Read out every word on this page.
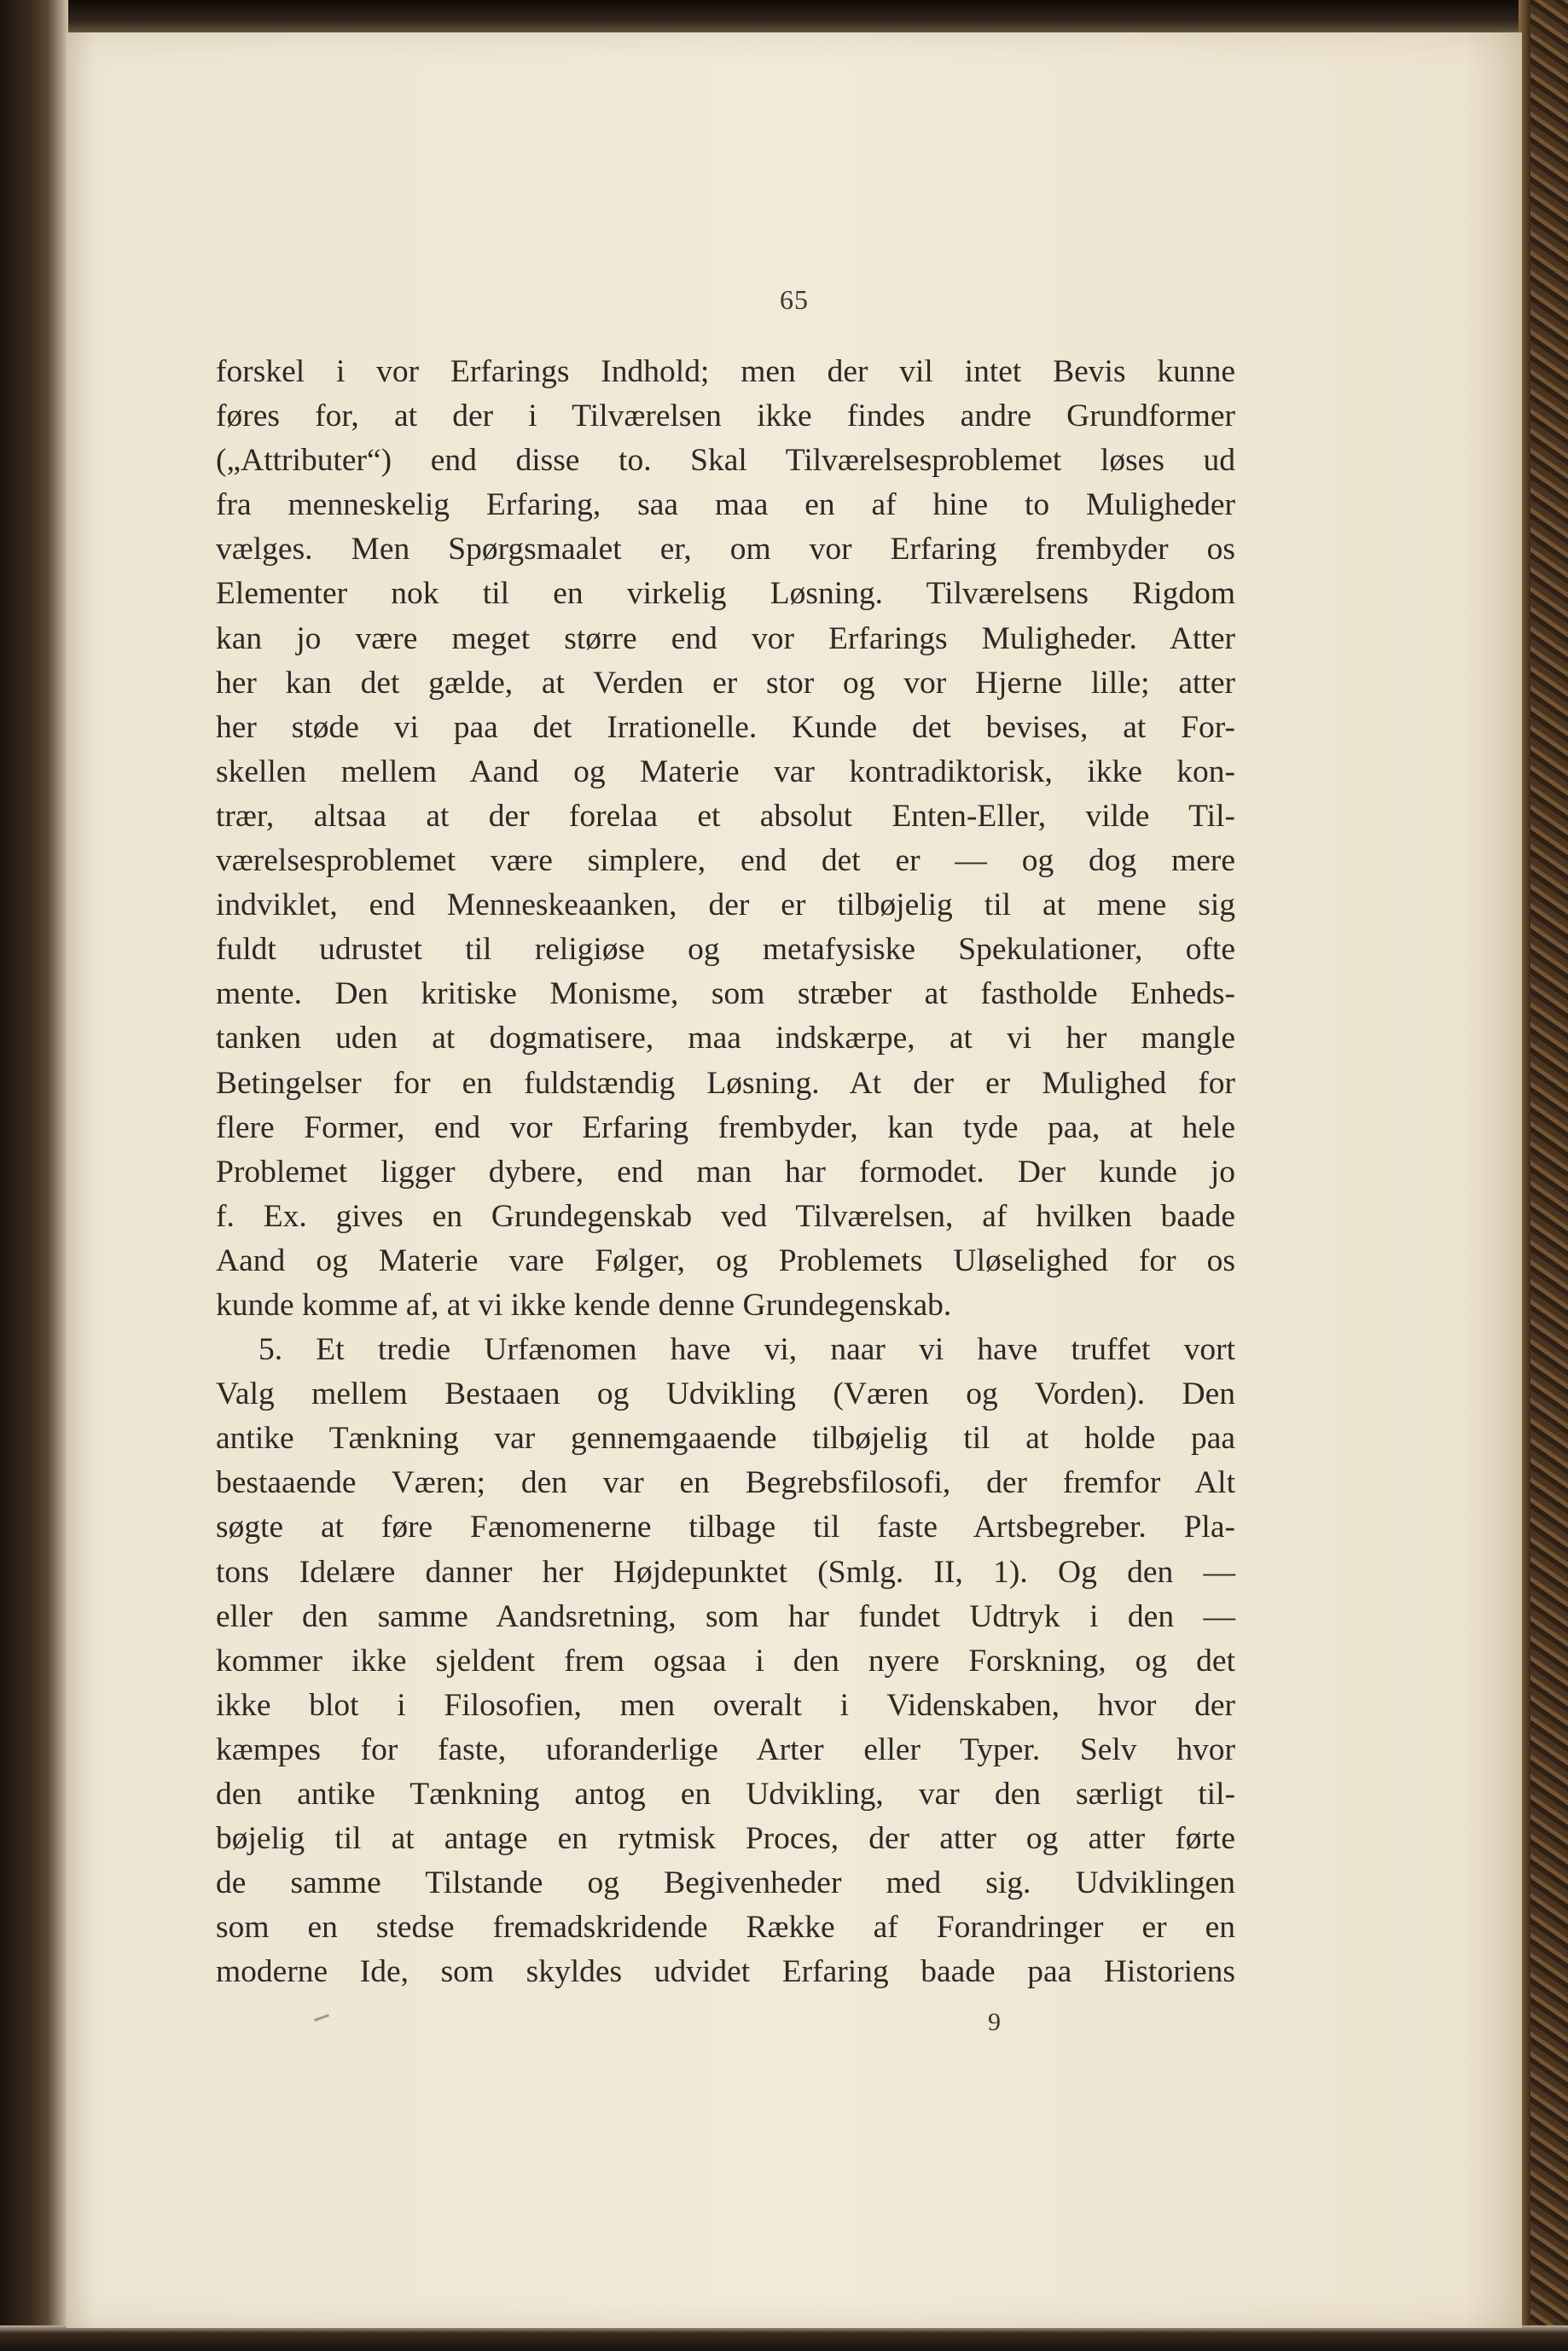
65
forskel i vor Erfarings Indhold; men der vil intet Bevis kunne
føres for, at der i Tilværelsen ikke findes andre Grundformer
(„Attributer“) end disse to. Skal Tilværelsesproblemet løses ud
fra menneskelig Erfaring, saa maa en af hine to Muligheder
vælges. Men Spørgsmaalet er, om vor Erfaring frembyder os
Elementer nok til en virkelig Løsning. Tilværelsens Rigdom
kan jo være meget større end vor Erfarings Muligheder. Atter
her kan det gælde, at Verden er stor og vor Hjerne lille; atter
her støde vi paa det Irrationelle. Kunde det bevises, at For-
skellen mellem Aand og Materie var kontradiktorisk, ikke kon-
trær, altsaa at der forelaa et absolut Enten-Eller, vilde Til-
værelsesproblemet være simplere, end det er — og dog mere
indviklet, end Menneskeaanken, der er tilbøjelig til at mene sig
fuldt udrustet til religiøse og metafysiske Spekulationer, ofte
mente. Den kritiske Monisme, som stræber at fastholde Enheds-
tanken uden at dogmatisere, maa indskærpe, at vi her mangle
Betingelser for en fuldstændig Løsning. At der er Mulighed for
flere Former, end vor Erfaring frembyder, kan tyde paa, at hele
Problemet ligger dybere, end man har formodet. Der kunde jo
f. Ex. gives en Grundegenskab ved Tilværelsen, af hvilken baade
Aand og Materie vare Følger, og Problemets Uløselighed for os
kunde komme af, at vi ikke kende denne Grundegenskab.
5. Et tredie Urfænomen have vi, naar vi have truffet vort
Valg mellem Bestaaen og Udvikling (Væren og Vorden). Den
antike Tænkning var gennemgaaende tilbøjelig til at holde paa
bestaaende Væren; den var en Begrebsfilosofi, der fremfor Alt
søgte at føre Fænomenerne tilbage til faste Artsbegreber. Pla-
tons Idelære danner her Højdepunktet (Smlg. II, 1). Og den —
eller den samme Aandsretning, som har fundet Udtryk i den —
kommer ikke sjeldent frem ogsaa i den nyere Forskning, og det
ikke blot i Filosofien, men overalt i Videnskaben, hvor der
kæmpes for faste, uforanderlige Arter eller Typer. Selv hvor
den antike Tænkning antog en Udvikling, var den særligt til-
bøjelig til at antage en rytmisk Proces, der atter og atter førte
de samme Tilstande og Begivenheder med sig. Udviklingen
som en stedse fremadskridende Række af Forandringer er en
moderne Ide, som skyldes udvidet Erfaring baade paa Historiens
9
